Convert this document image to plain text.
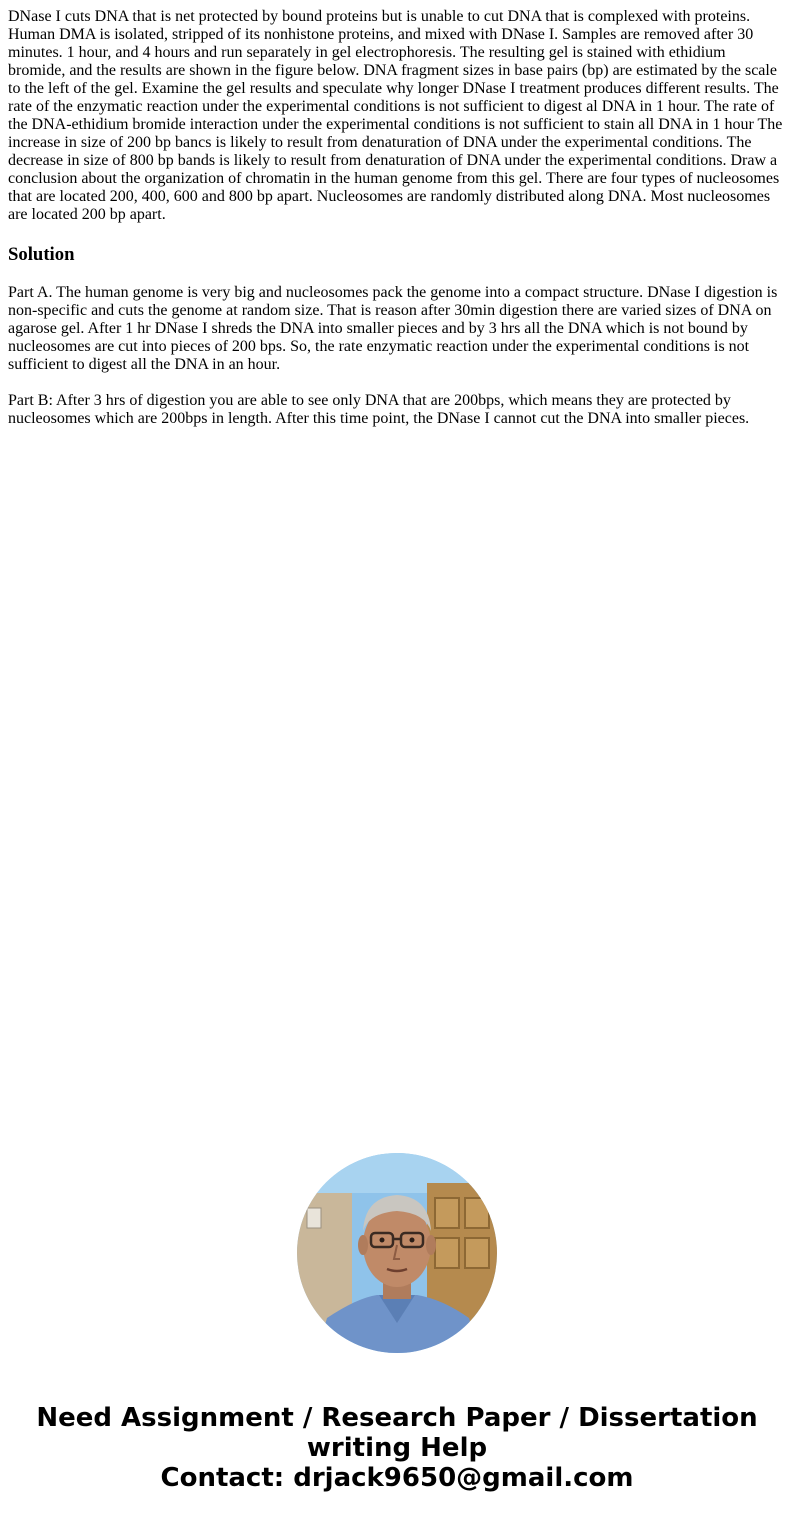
DNase I cuts DNA that is net protected by bound proteins but is unable to cut DNA that is complexed with proteins. Human DMA is isolated, stripped of its nonhistone proteins, and mixed with DNase I. Samples are removed after 30 minutes. 1 hour, and 4 hours and run separately in gel electrophoresis. The resulting gel is stained with ethidium bromide, and the results are shown in the figure below. DNA fragment sizes in base pairs (bp) are estimated by the scale to the left of the gel. Examine the gel results and speculate why longer DNase I treatment produces different results. The rate of the enzymatic reaction under the experimental conditions is not sufficient to digest al DNA in 1 hour. The rate of the DNA-ethidium bromide interaction under the experimental conditions is not sufficient to stain all DNA in 1 hour The increase in size of 200 bp bancs is likely to result from denaturation of DNA under the experimental conditions. The decrease in size of 800 bp bands is likely to result from denaturation of DNA under the experimental conditions. Draw a conclusion about the organization of chromatin in the human genome from this gel. There are four types of nucleosomes that are located 200, 400, 600 and 800 bp apart. Nucleosomes are randomly distributed along DNA. Most nucleosomes are located 200 bp apart.

Solution

Part A. The human genome is very big and nucleosomes pack the genome into a compact structure. DNase I digestion is non-specific and cuts the genome at random size. That is reason after 30min digestion there are varied sizes of DNA on agarose gel. After 1 hr DNase I shreds the DNA into smaller pieces and by 3 hrs all the DNA which is not bound by nucleosomes are cut into pieces of 200 bps. So, the rate enzymatic reaction under the experimental conditions is not sufficient to digest all the DNA in an hour.

Part B: After 3 hrs of digestion you are able to see only DNA that are 200bps, which means they are protected by nucleosomes which are 200bps in length. After this time point, the DNase I cannot cut the DNA into smaller pieces.

Need Assignment / Research Paper / Dissertation
writing Help
Contact: drjack9650@gmail.com
